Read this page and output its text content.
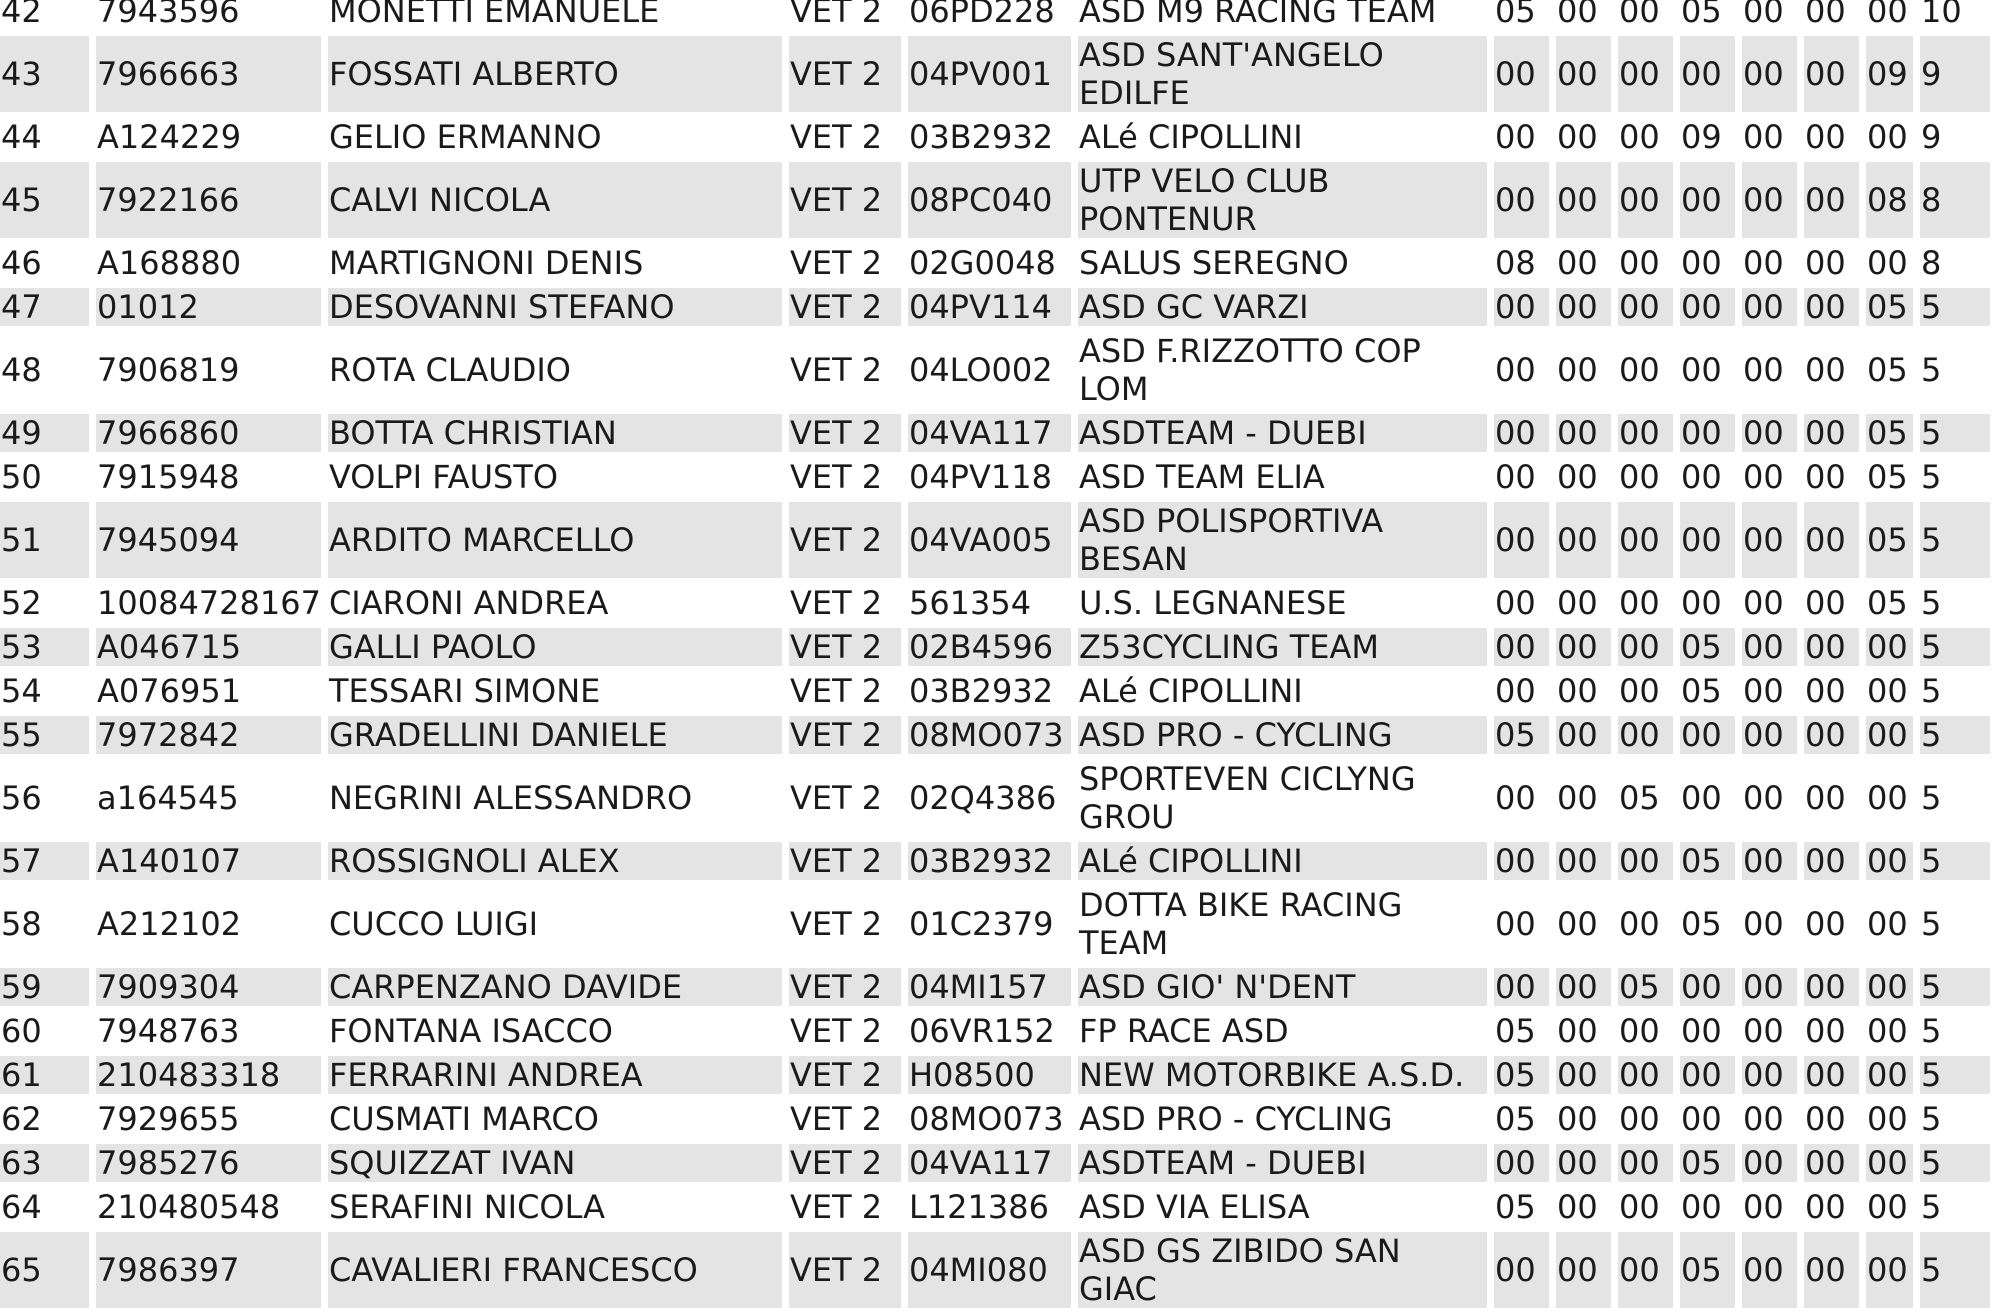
42	7943596	MONETTI EMANUELE	VET 2	06PD228	ASD M9 RACING TEAM	05	00	00	05	00	00	00	10
43	7966663	FOSSATI ALBERTO	VET 2	04PV001	ASD SANT'ANGELO EDILFE	00	00	00	00	00	00	09	9
44	A124229	GELIO ERMANNO	VET 2	03B2932	ALé CIPOLLINI	00	00	00	09	00	00	00	9
45	7922166	CALVI NICOLA	VET 2	08PC040	UTP VELO CLUB PONTENUR	00	00	00	00	00	00	08	8
46	A168880	MARTIGNONI DENIS	VET 2	02G0048	SALUS SEREGNO	08	00	00	00	00	00	00	8
47	01012	DESOVANNI STEFANO	VET 2	04PV114	ASD GC VARZI	00	00	00	00	00	00	05	5
48	7906819	ROTA CLAUDIO	VET 2	04LO002	ASD F.RIZZOTTO COP LOM	00	00	00	00	00	00	05	5
49	7966860	BOTTA CHRISTIAN	VET 2	04VA117	ASDTEAM - DUEBI	00	00	00	00	00	00	05	5
50	7915948	VOLPI FAUSTO	VET 2	04PV118	ASD TEAM ELIA	00	00	00	00	00	00	05	5
51	7945094	ARDITO MARCELLO	VET 2	04VA005	ASD POLISPORTIVA BESAN	00	00	00	00	00	00	05	5
52	10084728167	CIARONI ANDREA	VET 2	561354	U.S. LEGNANESE	00	00	00	00	00	00	05	5
53	A046715	GALLI PAOLO	VET 2	02B4596	Z53CYCLING TEAM	00	00	00	05	00	00	00	5
54	A076951	TESSARI SIMONE	VET 2	03B2932	ALé CIPOLLINI	00	00	00	05	00	00	00	5
55	7972842	GRADELLINI DANIELE	VET 2	08MO073	ASD PRO - CYCLING	05	00	00	00	00	00	00	5
56	a164545	NEGRINI ALESSANDRO	VET 2	02Q4386	SPORTEVEN CICLYNG GROU	00	00	05	00	00	00	00	5
57	A140107	ROSSIGNOLI ALEX	VET 2	03B2932	ALé CIPOLLINI	00	00	00	05	00	00	00	5
58	A212102	CUCCO LUIGI	VET 2	01C2379	DOTTA BIKE RACING TEAM	00	00	00	05	00	00	00	5
59	7909304	CARPENZANO DAVIDE	VET 2	04MI157	ASD GIO' N'DENT	00	00	05	00	00	00	00	5
60	7948763	FONTANA ISACCO	VET 2	06VR152	FP RACE ASD	05	00	00	00	00	00	00	5
61	210483318	FERRARINI ANDREA	VET 2	H08500	NEW MOTORBIKE A.S.D.	05	00	00	00	00	00	00	5
62	7929655	CUSMATI MARCO	VET 2	08MO073	ASD PRO - CYCLING	05	00	00	00	00	00	00	5
63	7985276	SQUIZZAT IVAN	VET 2	04VA117	ASDTEAM - DUEBI	00	00	00	05	00	00	00	5
64	210480548	SERAFINI NICOLA	VET 2	L121386	ASD VIA ELISA	05	00	00	00	00	00	00	5
65	7986397	CAVALIERI FRANCESCO	VET 2	04MI080	ASD GS ZIBIDO SAN GIAC	00	00	00	05	00	00	00	5
